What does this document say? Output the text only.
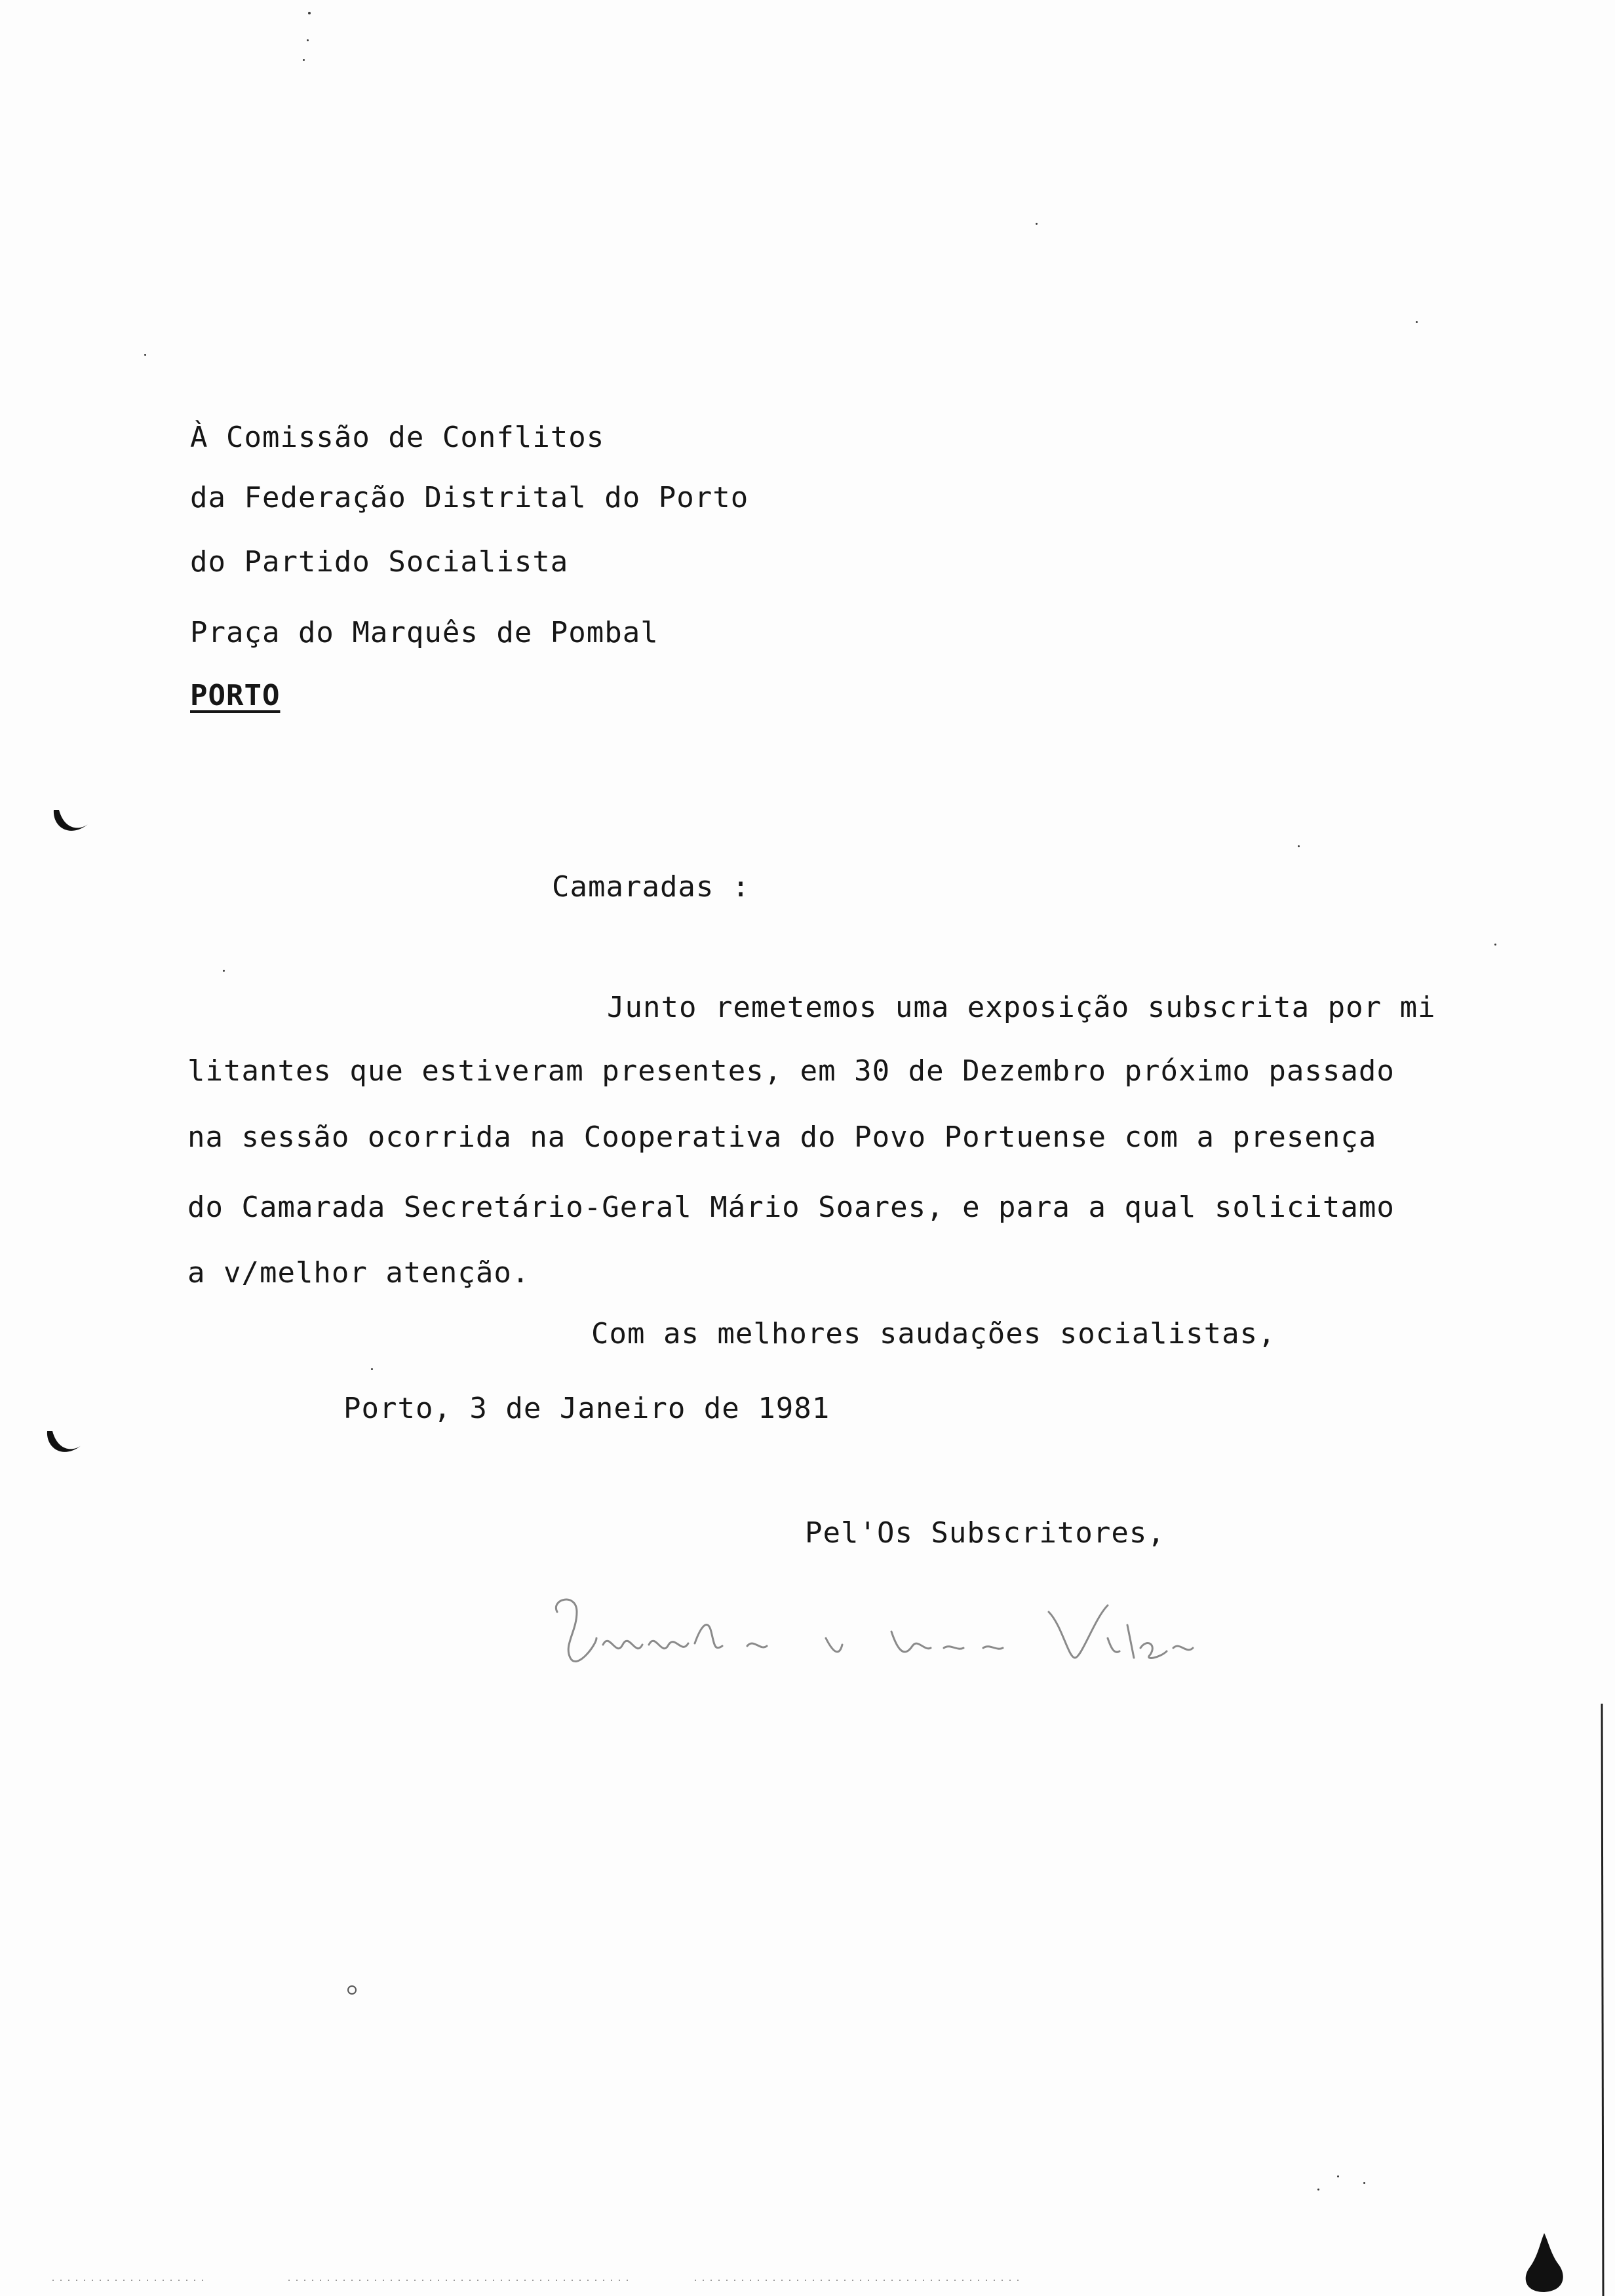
À Comissão de Conflitos
da Federação Distrital do Porto
do Partido Socialista
Praça do Marquês de Pombal
PORTO
Camaradas :
Junto remetemos uma exposição subscrita por mi
litantes que estiveram presentes, em 30 de Dezembro próximo passado
na sessão ocorrida na Cooperativa do Povo Portuense com a presença
do Camarada Secretário-Geral Mário Soares, e para a qual solicitamo
a v/melhor atenção.
Com as melhores saudações socialistas,
Porto, 3 de Janeiro de 1981
Pel'Os Subscritores,
